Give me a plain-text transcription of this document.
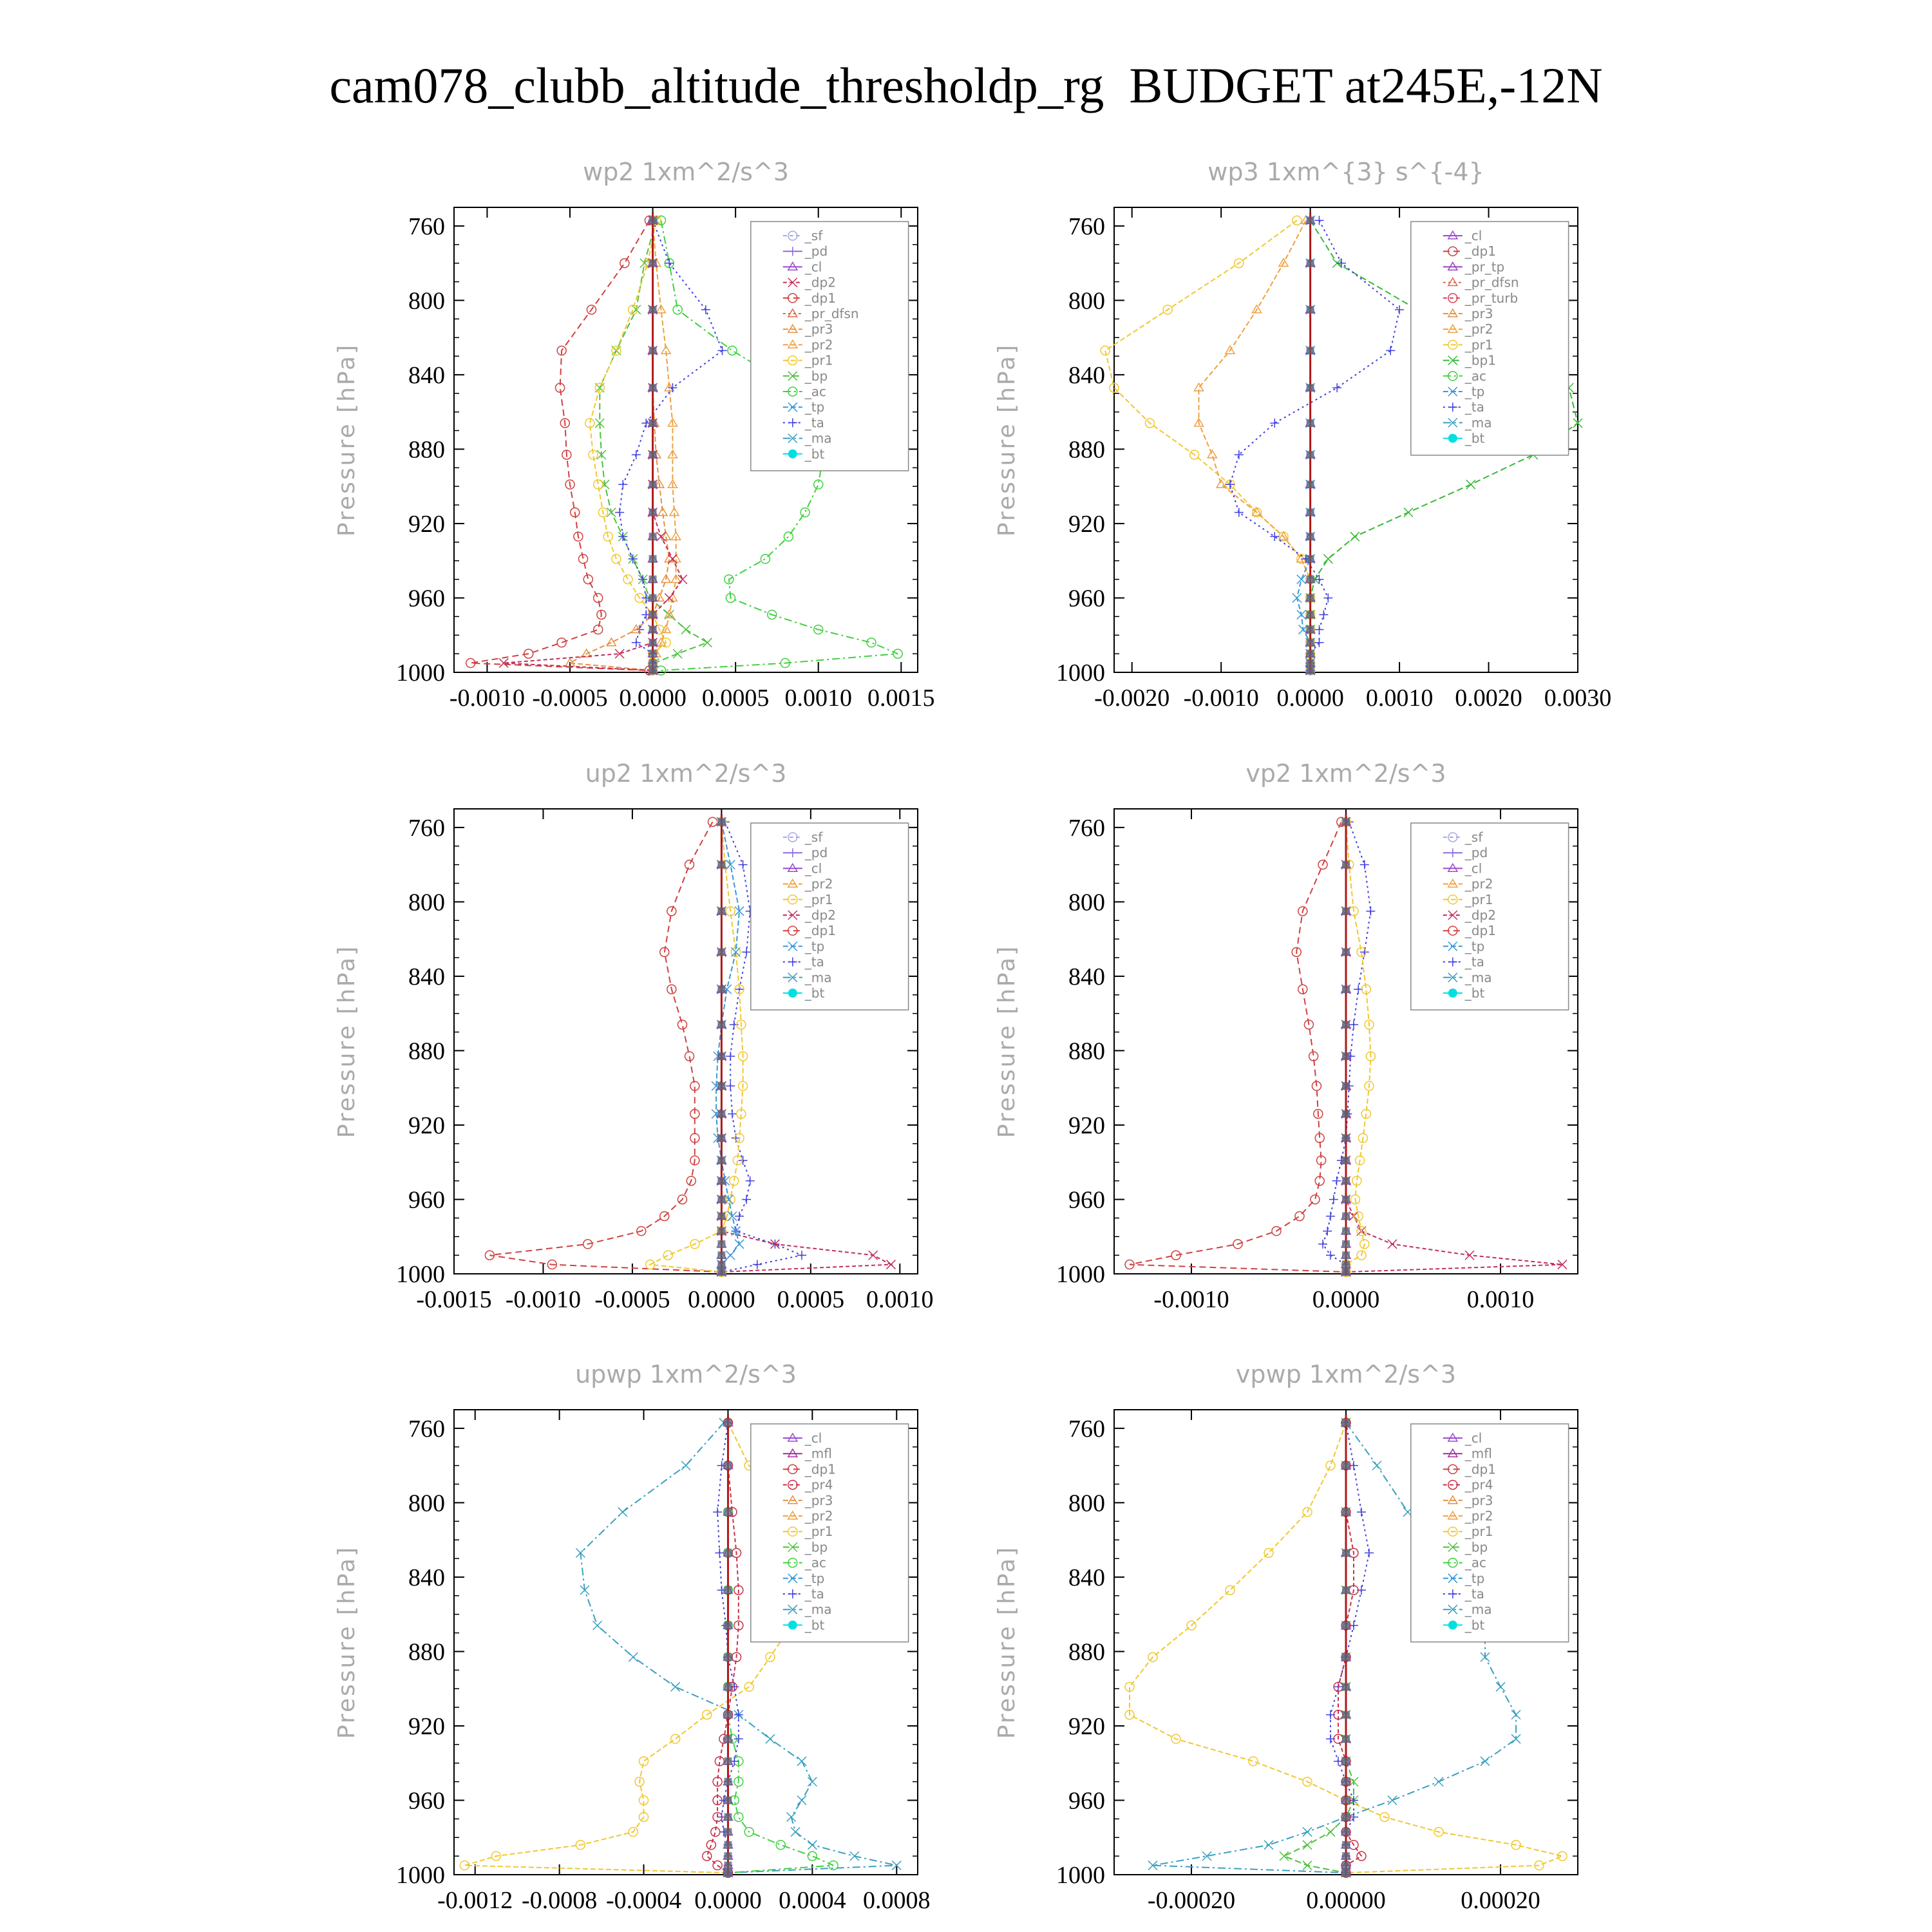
cam078_clubb_altitude_thresholdp_rg  BUDGET at245E,-12N
wp2 1xm^2/s^3
Pressure [hPa]
760
800
840
880
920
960
1000
-0.0010 -0.0005 0.0000 0.0005 0.0010 0.0015
_sf
_pd
_cl
_dp2
_dp1
_pr_dfsn
_pr3
_pr2
_pr1
_bp
_ac
_tp
_ta
_ma
_bt
wp3 1xm^{3} s^{-4}
Pressure [hPa]
760
800
840
880
920
960
1000
-0.0020 -0.0010 0.0000 0.0010 0.0020 0.0030
_cl
_dp1
_pr_tp
_pr_dfsn
_pr_turb
_pr3
_pr2
_pr1
_bp1
_ac
_tp
_ta
_ma
_bt
up2 1xm^2/s^3
Pressure [hPa]
760
800
840
880
920
960
1000
-0.0015 -0.0010 -0.0005 0.0000 0.0005 0.0010
_sf
_pd
_cl
_pr2
_pr1
_dp2
_dp1
_tp
_ta
_ma
_bt
vp2 1xm^2/s^3
Pressure [hPa]
760
800
840
880
920
960
1000
-0.0010	0.0000	0.0010
_sf
_pd
_cl
_pr2
_pr1
_dp2
_dp1
_tp
_ta
_ma
_bt
upwp 1xm^2/s^3
Pressure [hPa]
760
800
840
880
920
960
1000
-0.0012 -0.0008 -0.0004 0.0000 0.0004 0.0008
_cl
_mfl
_dp1
_pr4
_pr3
_pr2
_pr1
_bp
_ac
_tp
_ta
_ma
_bt
vpwp 1xm^2/s^3
Pressure [hPa]
760
800
840
880
920
960
1000
-0.00020	0.00000	0.00020
_cl
_mfl
_dp1
_pr4
_pr3
_pr2
_pr1
_bp
_ac
_tp
_ta
_ma
_bt
